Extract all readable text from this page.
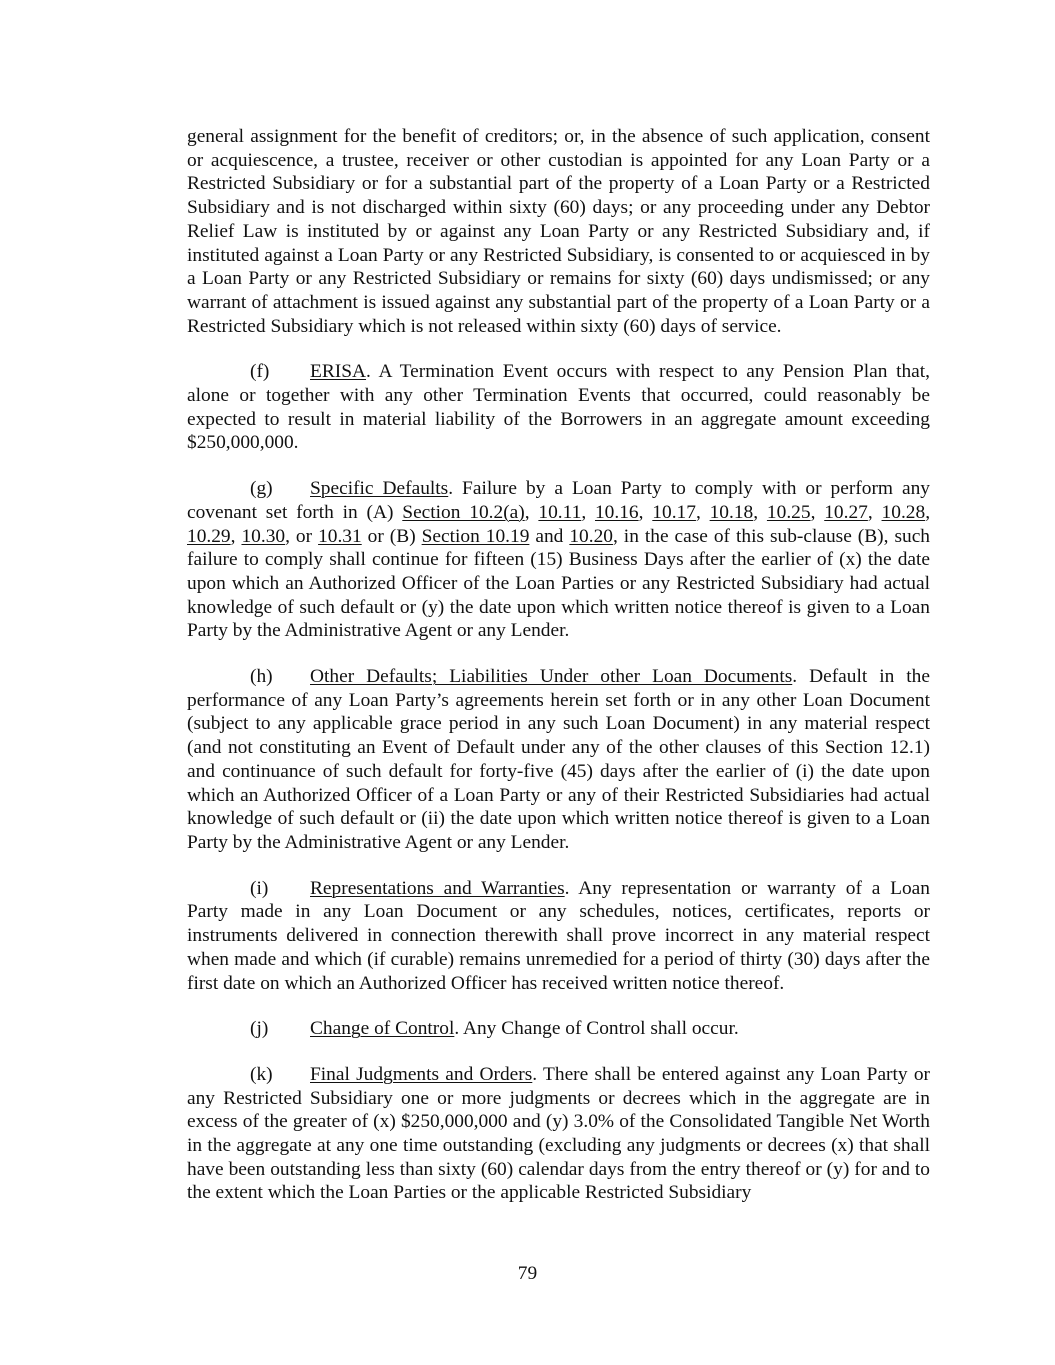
general assignment for the benefit of creditors; or, in the absence of such application, consent or acquiescence, a trustee, receiver or other custodian is appointed for any Loan Party or a Restricted Subsidiary or for a substantial part of the property of a Loan Party or a Restricted Subsidiary and is not discharged within sixty (60) days; or any proceeding under any Debtor Relief Law is instituted by or against any Loan Party or any Restricted Subsidiary and, if instituted against a Loan Party or any Restricted Subsidiary, is consented to or acquiesced in by a Loan Party or any Restricted Subsidiary or remains for sixty (60) days undismissed; or any warrant of attachment is issued against any substantial part of the property of a Loan Party or a Restricted Subsidiary which is not released within sixty (60) days of service.

(f) ERISA. A Termination Event occurs with respect to any Pension Plan that, alone or together with any other Termination Events that occurred, could reasonably be expected to result in material liability of the Borrowers in an aggregate amount exceeding $250,000,000.

(g) Specific Defaults. Failure by a Loan Party to comply with or perform any covenant set forth in (A) Section 10.2(a), 10.11, 10.16, 10.17, 10.18, 10.25, 10.27, 10.28, 10.29, 10.30, or 10.31 or (B) Section 10.19 and 10.20, in the case of this sub-clause (B), such failure to comply shall continue for fifteen (15) Business Days after the earlier of (x) the date upon which an Authorized Officer of the Loan Parties or any Restricted Subsidiary had actual knowledge of such default or (y) the date upon which written notice thereof is given to a Loan Party by the Administrative Agent or any Lender.

(h) Other Defaults; Liabilities Under other Loan Documents. Default in the performance of any Loan Party’s agreements herein set forth or in any other Loan Document (subject to any applicable grace period in any such Loan Document) in any material respect (and not constituting an Event of Default under any of the other clauses of this Section 12.1) and continuance of such default for forty-five (45) days after the earlier of (i) the date upon which an Authorized Officer of a Loan Party or any of their Restricted Subsidiaries had actual knowledge of such default or (ii) the date upon which written notice thereof is given to a Loan Party by the Administrative Agent or any Lender.

(i) Representations and Warranties. Any representation or warranty of a Loan Party made in any Loan Document or any schedules, notices, certificates, reports or instruments delivered in connection therewith shall prove incorrect in any material respect when made and which (if curable) remains unremedied for a period of thirty (30) days after the first date on which an Authorized Officer has received written notice thereof.

(j) Change of Control. Any Change of Control shall occur.

(k) Final Judgments and Orders. There shall be entered against any Loan Party or any Restricted Subsidiary one or more judgments or decrees which in the aggregate are in excess of the greater of (x) $250,000,000 and (y) 3.0% of the Consolidated Tangible Net Worth in the aggregate at any one time outstanding (excluding any judgments or decrees (x) that shall have been outstanding less than sixty (60) calendar days from the entry thereof or (y) for and to the extent which the Loan Parties or the applicable Restricted Subsidiary

79
